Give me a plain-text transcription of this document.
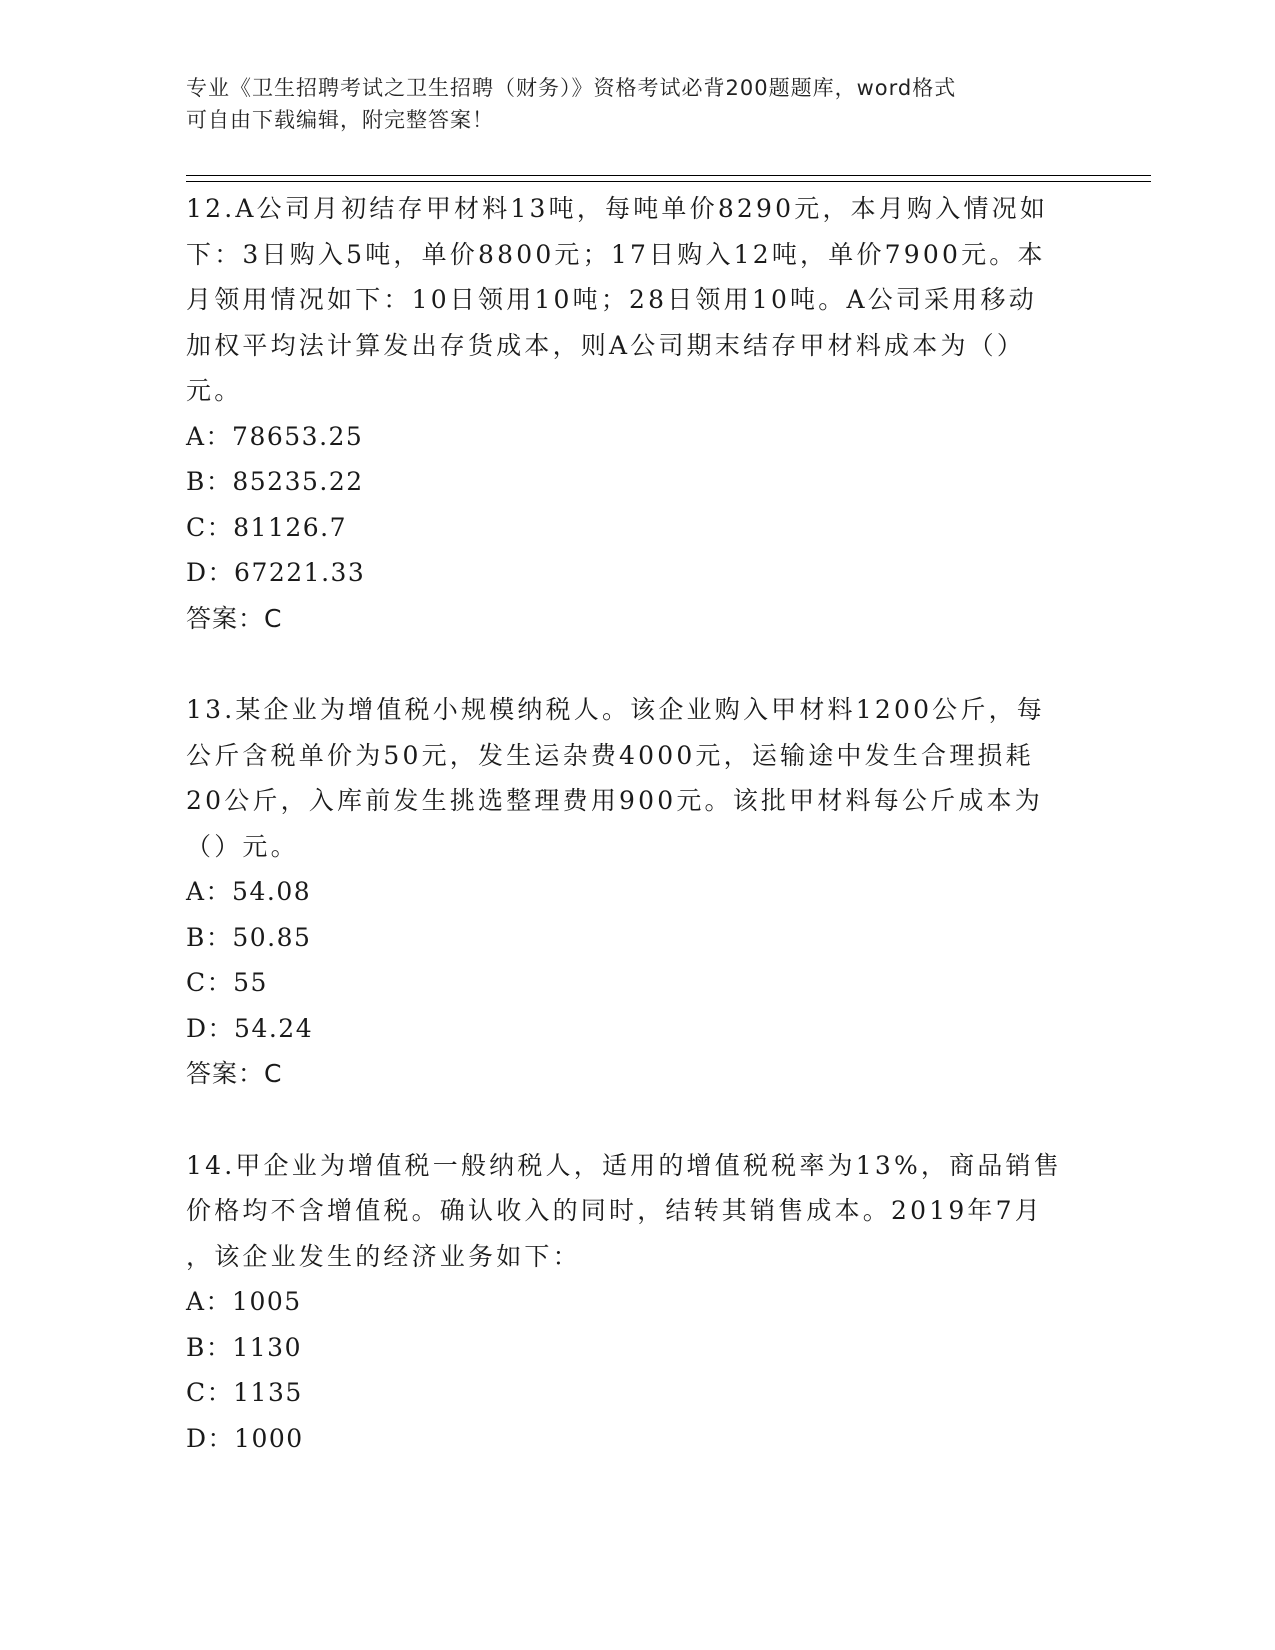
专业《卫生招聘考试之卫生招聘（财务）》资格考试必背200题题库，word格式
可自由下载编辑，附完整答案！
12.A公司月初结存甲材料13吨，每吨单价8290元，本月购入情况如
下：3日购入5吨，单价8800元；17日购入12吨，单价7900元。本
月领用情况如下：10日领用10吨；28日领用10吨。A公司采用移动
加权平均法计算发出存货成本，则A公司期末结存甲材料成本为（）
元。
A：78653.25
B：85235.22
C：81126.7
D：67221.33
答案：C
13.某企业为增值税小规模纳税人。该企业购入甲材料1200公斤，每
公斤含税单价为50元，发生运杂费4000元，运输途中发生合理损耗
20公斤，入库前发生挑选整理费用900元。该批甲材料每公斤成本为
（）元。
A：54.08
B：50.85
C：55
D：54.24
答案：C
14.甲企业为增值税一般纳税人，适用的增值税税率为13%，商品销售
价格均不含增值税。确认收入的同时，结转其销售成本。2019年7月
，该企业发生的经济业务如下：
A：1005
B：1130
C：1135
D：1000
